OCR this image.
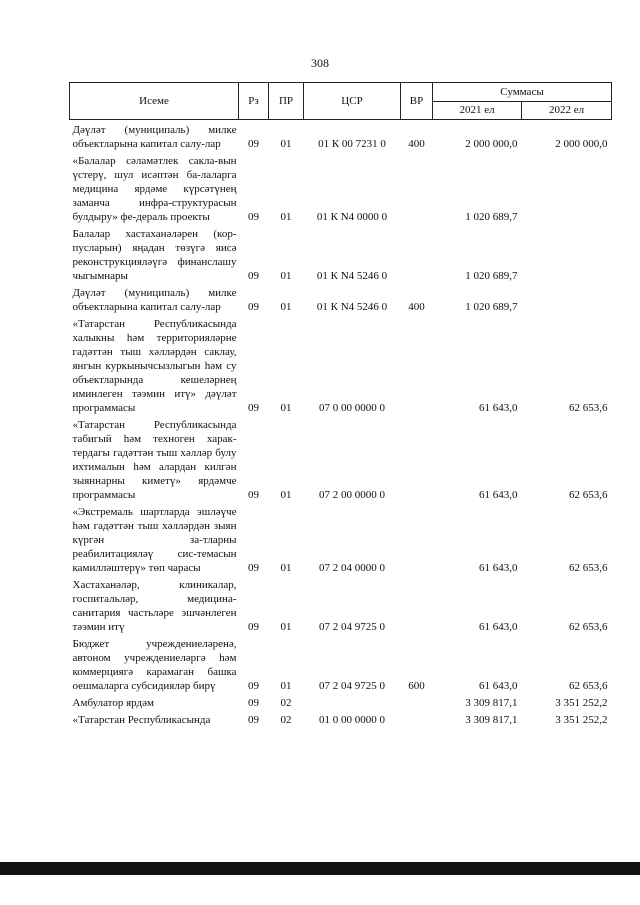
308
Исеме	Рз	ПР	ЦСР	ВР	Суммасы	
					2021 ел	2022 ел
Дәүләт (муниципаль) милке объектларына капитал салу-лар	09	01	01 К 00 7231 0	400	2 000 000,0	2 000 000,0
«Балалар сәламәтлек сакла-вын үстерү, шул исәптән ба-лаларга медицина ярдәме күрсәтүнең заманча инфра-структурасын булдыру» фе-дераль проекты	09	01	01 К N4 0000 0		1 020 689,7	
Балалар хастаханәләрен (кор-пусларын) яңадан төзүгә яисә реконструкцияләүгә финанслашу чыгымнары	09	01	01 К N4 5246 0		1 020 689,7	
Дәүләт (муниципаль) милке объектларына капитал салу-лар	09	01	01 К N4 5246 0	400	1 020 689,7	
«Татарстан Республикасында халыкны һәм территорияләрне гадәттән тыш хәлләрдән саклау, янгын куркынычсызлыгын һәм су объектларында кешеләрнең иминлеген тәэмин итү» дәүләт программасы	09	01	07 0 00 0000 0		61 643,0	62 653,6
«Татарстан Республикасында табигый һәм техноген харак-тердагы гадәттән тыш хәлләр булу ихтималын һәм алардан килгән зыяннарны киметү» ярдәмче программасы	09	01	07 2 00 0000 0		61 643,0	62 653,6
«Экстремаль шартларда эшләүче һәм гадәттән тыш хәлләрдән зыян күргән за-тларны реабилитацияләү сис-темасын камилләштерү» төп чарасы	09	01	07 2 04 0000 0		61 643,0	62 653,6
Хастаханәләр, клиникалар, госпитальләр, медицина-санитария частьләре эшчәнлеген тәэмин итү	09	01	07 2 04 9725 0		61 643,0	62 653,6
Бюджет учреждениеләренә, автоном учреждениеләргә һәм коммерциягә карамаган башка оешмаларга субсидияләр бирү	09	01	07 2 04 9725 0	600	61 643,0	62 653,6
Амбулатор ярдәм	09	02			3 309 817,1	3 351 252,2
«Татарстан Республикасында	09	02	01 0 00 0000 0		3 309 817,1	3 351 252,2
